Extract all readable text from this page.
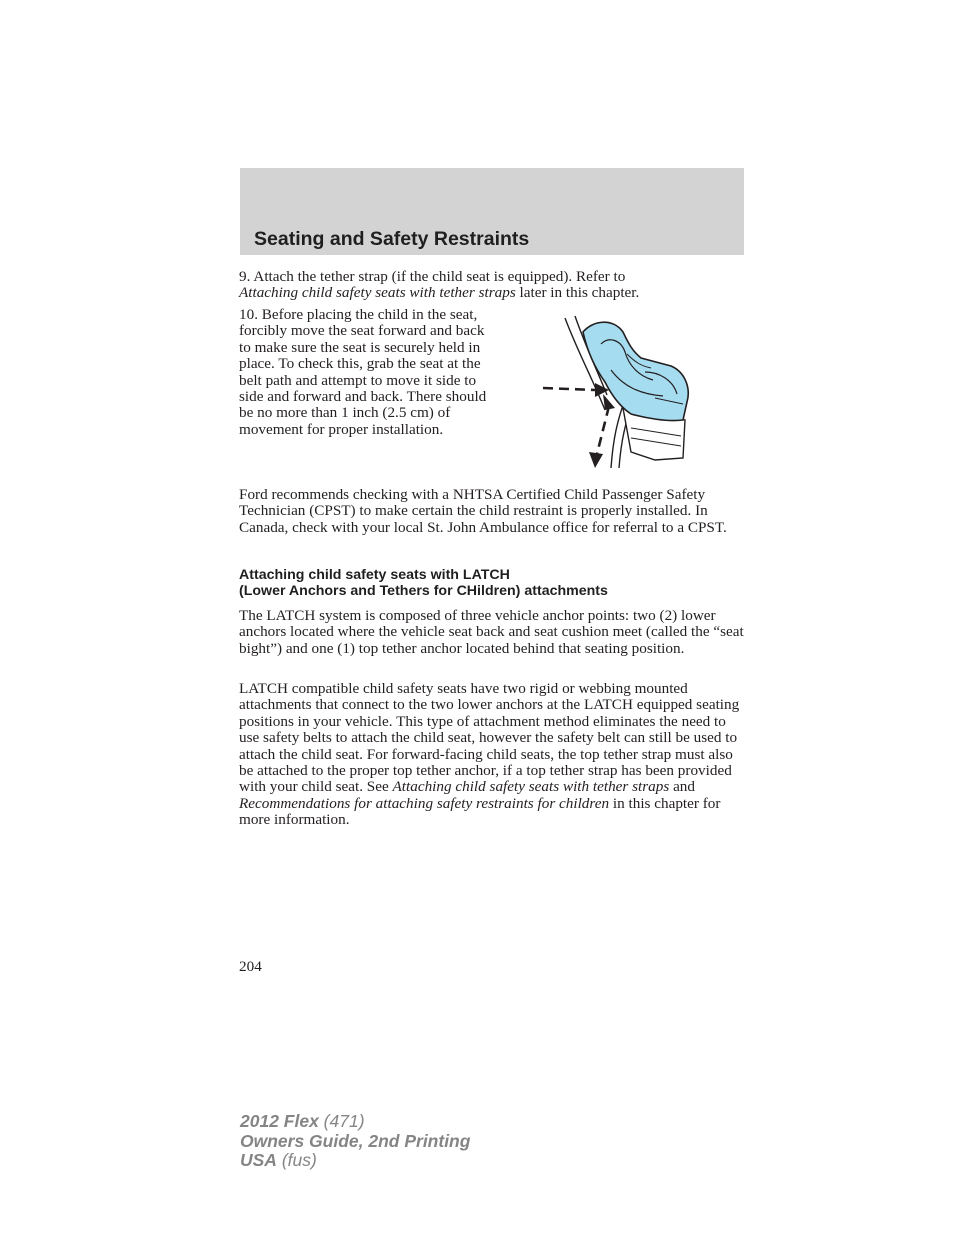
Seating and Safety Restraints

9. Attach the tether strap (if the child seat is equipped). Refer to
Attaching child safety seats with tether straps later in this chapter.

10. Before placing the child in the seat, forcibly move the seat forward and back to make sure the seat is securely held in place. To check this, grab the seat at the belt path and attempt to move it side to side and forward and back. There should be no more than 1 inch (2.5 cm) of movement for proper installation.
Ford recommends checking with a NHTSA Certified Child Passenger Safety Technician (CPST) to make certain the child restraint is properly installed. In Canada, check with your local St. John Ambulance office for referral to a CPST.
Attaching child safety seats with LATCH
(Lower Anchors and Tethers for CHildren) attachments
The LATCH system is composed of three vehicle anchor points: two (2) lower anchors located where the vehicle seat back and seat cushion meet (called the “seat bight”) and one (1) top tether anchor located behind that seating position.

LATCH compatible child safety seats have two rigid or webbing mounted attachments that connect to the two lower anchors at the LATCH equipped seating positions in your vehicle. This type of attachment method eliminates the need to use safety belts to attach the child seat, however the safety belt can still be used to attach the child seat. For forward-facing child seats, the top tether strap must also be attached to the proper top tether anchor, if a top tether strap has been provided with your child seat. See Attaching child safety seats with tether straps and Recommendations for attaching safety restraints for children in this chapter for more information.

204
2012 Flex (471)
Owners Guide, 2nd Printing
USA (fus)
